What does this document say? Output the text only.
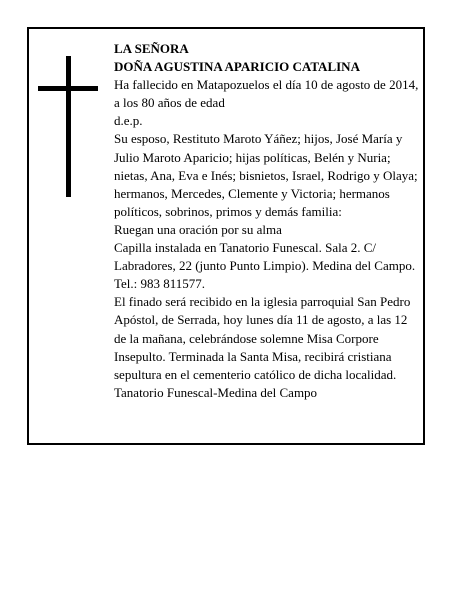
LA SEÑORA

DOÑA AGUSTINA APARICIO CATALINA

Ha fallecido en Matapozuelos el día 10 de agosto de 2014, a los 80 años de edad

d.e.p.

Su esposo, Restituto Maroto Yáñez; hijos, José María y Julio Maroto Aparicio; hijas políticas, Belén y Nuria; nietas, Ana, Eva e Inés; bisnietos, Israel, Rodrigo y Olaya; hermanos, Mercedes, Clemente y Victoria; hermanos políticos, sobrinos, primos y demás familia:

Ruegan una oración por su alma

Capilla instalada en Tanatorio Funescal. Sala 2. C/ Labradores, 22 (junto Punto Limpio). Medina del Campo. Tel.: 983 811577.

El finado será recibido en la iglesia parroquial San Pedro Apóstol, de Serrada, hoy lunes día 11 de agosto, a las 12 de la mañana, celebrándose solemne Misa Corpore Insepulto. Terminada la Santa Misa, recibirá cristiana sepultura en el cementerio católico de dicha localidad.

Tanatorio Funescal-Medina del Campo
